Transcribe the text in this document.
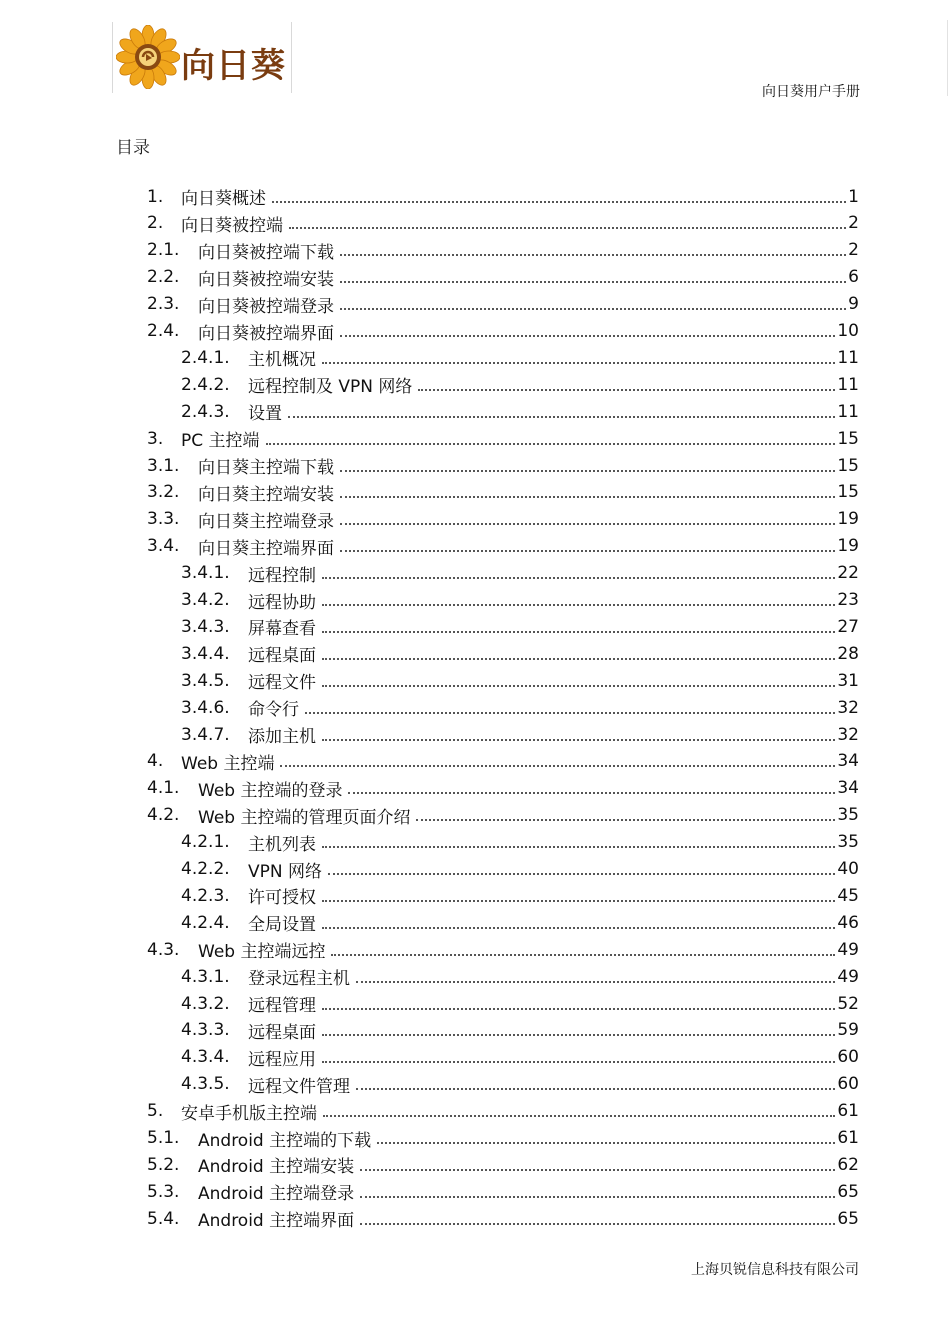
向日葵
向日葵用户手册
目录
1.	向日葵概述	1
2.	向日葵被控端	2
2.1.	向日葵被控端下载	2
2.2.	向日葵被控端安装	6
2.3.	向日葵被控端登录	9
2.4.	向日葵被控端界面	10
2.4.1.	主机概况	11
2.4.2.	远程控制及 VPN 网络	11
2.4.3.	设置	11
3.	PC 主控端	15
3.1.	向日葵主控端下载	15
3.2.	向日葵主控端安装	15
3.3.	向日葵主控端登录	19
3.4.	向日葵主控端界面	19
3.4.1.	远程控制	22
3.4.2.	远程协助	23
3.4.3.	屏幕查看	27
3.4.4.	远程桌面	28
3.4.5.	远程文件	31
3.4.6.	命令行	32
3.4.7.	添加主机	32
4.	Web 主控端	34
4.1.	Web 主控端的登录	34
4.2.	Web 主控端的管理页面介绍	35
4.2.1.	主机列表	35
4.2.2.	VPN 网络	40
4.2.3.	许可授权	45
4.2.4.	全局设置	46
4.3.	Web 主控端远控	49
4.3.1.	登录远程主机	49
4.3.2.	远程管理	52
4.3.3.	远程桌面	59
4.3.4.	远程应用	60
4.3.5.	远程文件管理	60
5.	安卓手机版主控端	61
5.1.	Android 主控端的下载	61
5.2.	Android 主控端安装	62
5.3.	Android 主控端登录	65
5.4.	Android 主控端界面	65
上海贝锐信息科技有限公司
